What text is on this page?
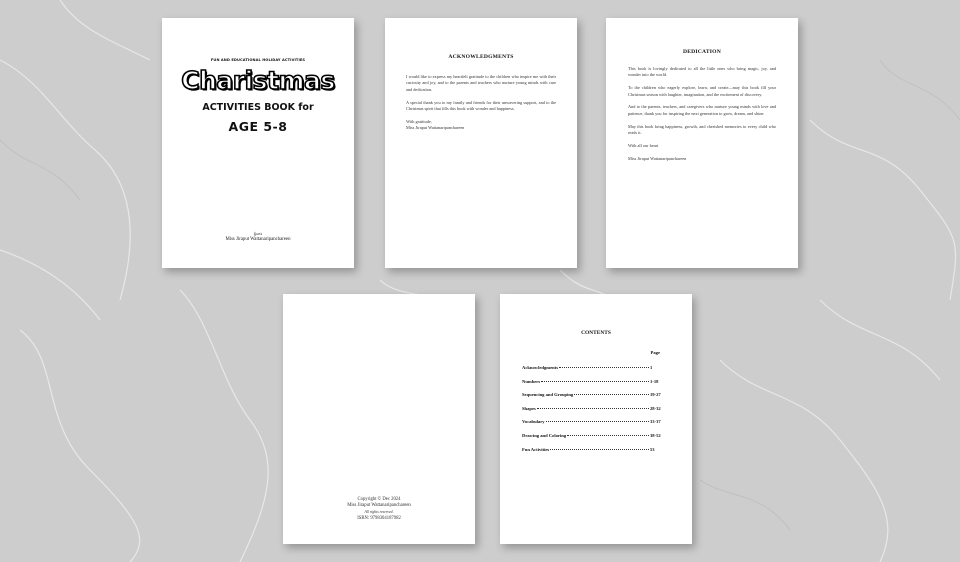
FUN AND EDUCATIONAL HOLIDAY ACTIVITIES
Charistmas
ACTIVITIES BOOK for
AGE 5-8
ผู้แต่ง
Miss Jiraput Wattanaripanchareen
ACKNOWLEDGMENTS

I would like to express my heartfelt gratitude to the children who inspire me with their curiosity and joy, and to the parents and teachers who nurture young minds with care and dedication.

A special thank you to my family and friends for their unwavering support, and to the Christmas spirit that fills this book with wonder and happiness.

With gratitude,

Miss Jiraput Wattanaripanchareen

DEDICATION

This book is lovingly dedicated to all the little ones who bring magic, joy, and wonder into the world.

To the children who eagerly explore, learn, and create—may this book fill your Christmas season with laughter, imagination, and the excitement of discovery.

And to the parents, teachers, and caregivers who nurture young minds with love and patience, thank you for inspiring the next generation to grow, dream, and shine.

May this book bring happiness, growth, and cherished memories to every child who reads it.

With all our heart

Miss Jiraput Wattanaripanchareen

Copyright © Dec 2024
Miss Jiraput Wattanaripanchareen
All rights reserved.
ISBN: 9798304187982
CONTENTS
Page
Acknowledgments	1
Numbers	1-18
Sequencing and Grouping	19-27
Shapes	28-32
Vocabulary	33-37
Drawing and Coloring	38-52
Fun Activities	53
